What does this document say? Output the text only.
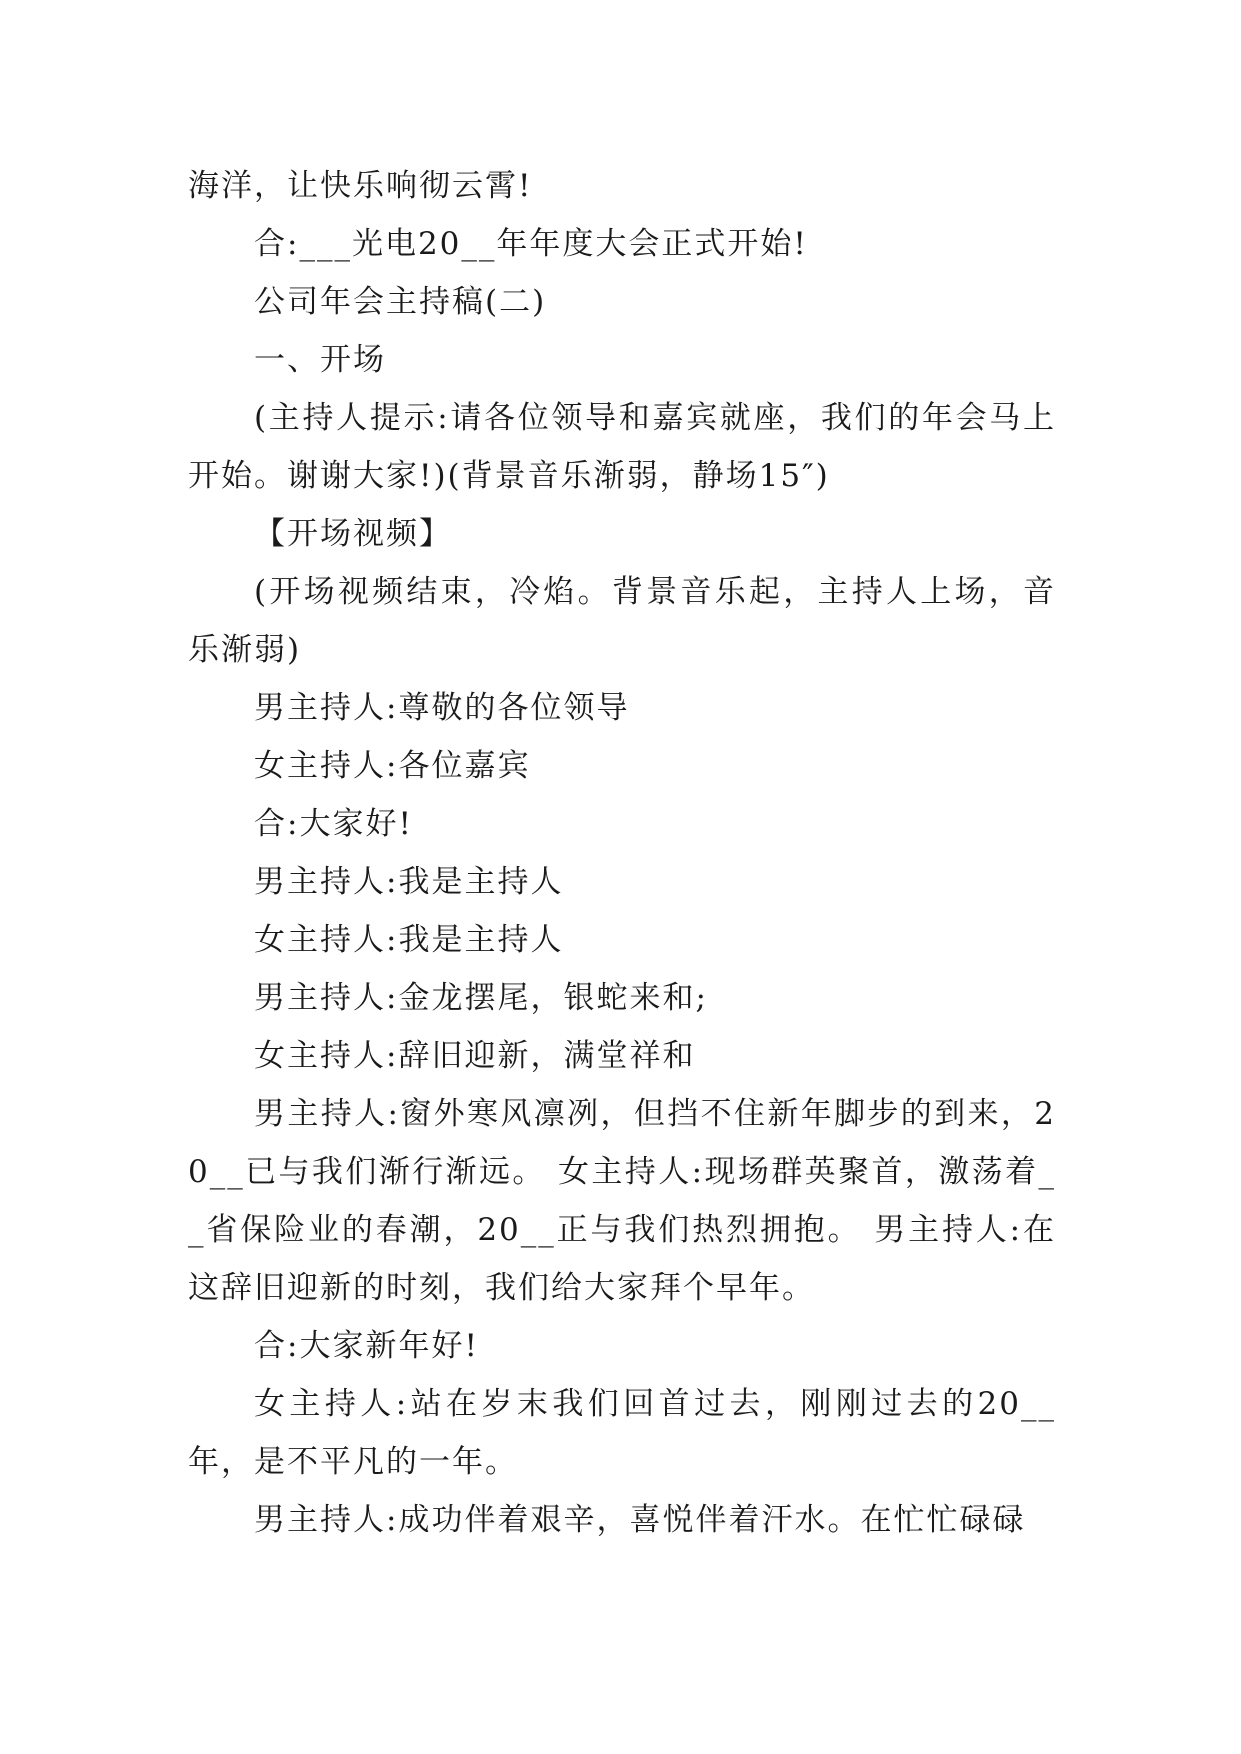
海洋，让快乐响彻云霄!

合:___光电20__年年度大会正式开始!

公司年会主持稿(二)

一、开场

(主持人提示:请各位领导和嘉宾就座，我们的年会马上开始。谢谢大家!)(背景音乐渐弱，静场15″)

【开场视频】

(开场视频结束，冷焰。背景音乐起，主持人上场，音乐渐弱)

男主持人:尊敬的各位领导

女主持人:各位嘉宾

合:大家好!

男主持人:我是主持人

女主持人:我是主持人

男主持人:金龙摆尾，银蛇来和;

女主持人:辞旧迎新，满堂祥和

男主持人:窗外寒风凛冽，但挡不住新年脚步的到来，20__已与我们渐行渐远。 女主持人:现场群英聚首，激荡着__省保险业的春潮，20__正与我们热烈拥抱。 男主持人:在这辞旧迎新的时刻，我们给大家拜个早年。

合:大家新年好!

女主持人:站在岁末我们回首过去，刚刚过去的20__年，是不平凡的一年。

男主持人:成功伴着艰辛，喜悦伴着汗水。在忙忙碌碌
